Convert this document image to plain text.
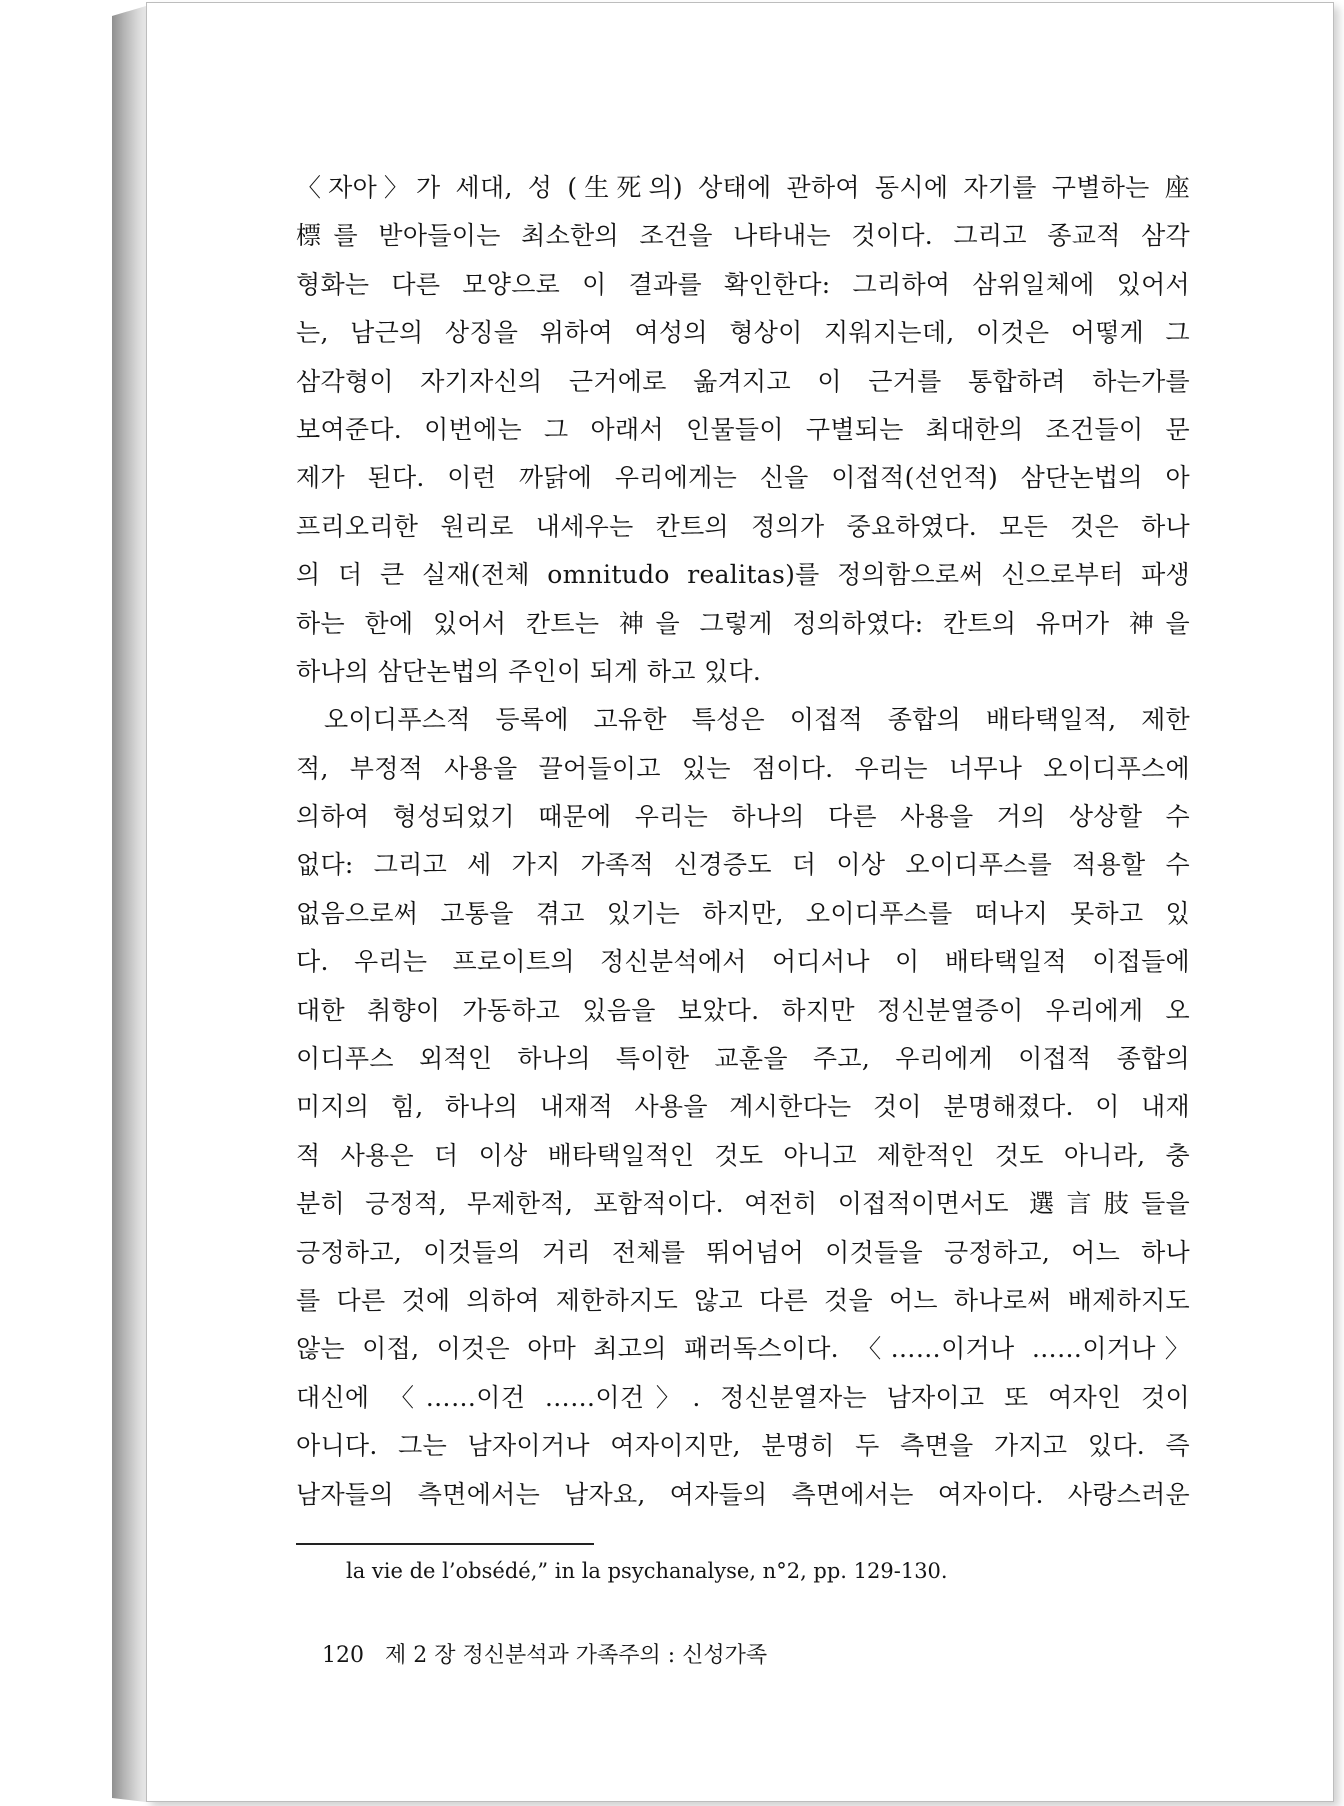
〈자아〉가 세대, 성 (生死의) 상태에 관하여 동시에 자기를 구별하는 座
標를 받아들이는 최소한의 조건을 나타내는 것이다. 그리고 종교적 삼각
형화는 다른 모양으로 이 결과를 확인한다: 그리하여 삼위일체에 있어서
는, 남근의 상징을 위하여 여성의 형상이 지워지는데, 이것은 어떻게 그
삼각형이 자기자신의 근거에로 옮겨지고 이 근거를 통합하려 하는가를
보여준다. 이번에는 그 아래서 인물들이 구별되는 최대한의 조건들이 문
제가 된다. 이런 까닭에 우리에게는 신을 이접적(선언적) 삼단논법의 아
프리오리한 원리로 내세우는 칸트의 정의가 중요하였다. 모든 것은 하나
의 더 큰 실재(전체 omnitudo realitas)를 정의함으로써 신으로부터 파생
하는 한에 있어서 칸트는 神을 그렇게 정의하였다: 칸트의 유머가 神을
하나의 삼단논법의 주인이 되게 하고 있다.
오이디푸스적 등록에 고유한 특성은 이접적 종합의 배타택일적, 제한
적, 부정적 사용을 끌어들이고 있는 점이다. 우리는 너무나 오이디푸스에
의하여 형성되었기 때문에 우리는 하나의 다른 사용을 거의 상상할 수
없다: 그리고 세 가지 가족적 신경증도 더 이상 오이디푸스를 적용할 수
없음으로써 고통을 겪고 있기는 하지만, 오이디푸스를 떠나지 못하고 있
다. 우리는 프로이트의 정신분석에서 어디서나 이 배타택일적 이접들에
대한 취향이 가동하고 있음을 보았다. 하지만 정신분열증이 우리에게 오
이디푸스 외적인 하나의 특이한 교훈을 주고, 우리에게 이접적 종합의
미지의 힘, 하나의 내재적 사용을 계시한다는 것이 분명해졌다. 이 내재
적 사용은 더 이상 배타택일적인 것도 아니고 제한적인 것도 아니라, 충
분히 긍정적, 무제한적, 포함적이다. 여전히 이접적이면서도 選言肢들을
긍정하고, 이것들의 거리 전체를 뛰어넘어 이것들을 긍정하고, 어느 하나
를 다른 것에 의하여 제한하지도 않고 다른 것을 어느 하나로써 배제하지도
않는 이접, 이것은 아마 최고의 패러독스이다. 〈……이거나 ……이거나〉
대신에 〈……이건 ……이건〉. 정신분열자는 남자이고 또 여자인 것이
아니다. 그는 남자이거나 여자이지만, 분명히 두 측면을 가지고 있다. 즉
남자들의 측면에서는 남자요, 여자들의 측면에서는 여자이다. 사랑스러운
la vie de l’obsédé,” in la psychanalyse, n°2, pp. 129-130.
120 제 2 장 정신분석과 가족주의 : 신성가족
